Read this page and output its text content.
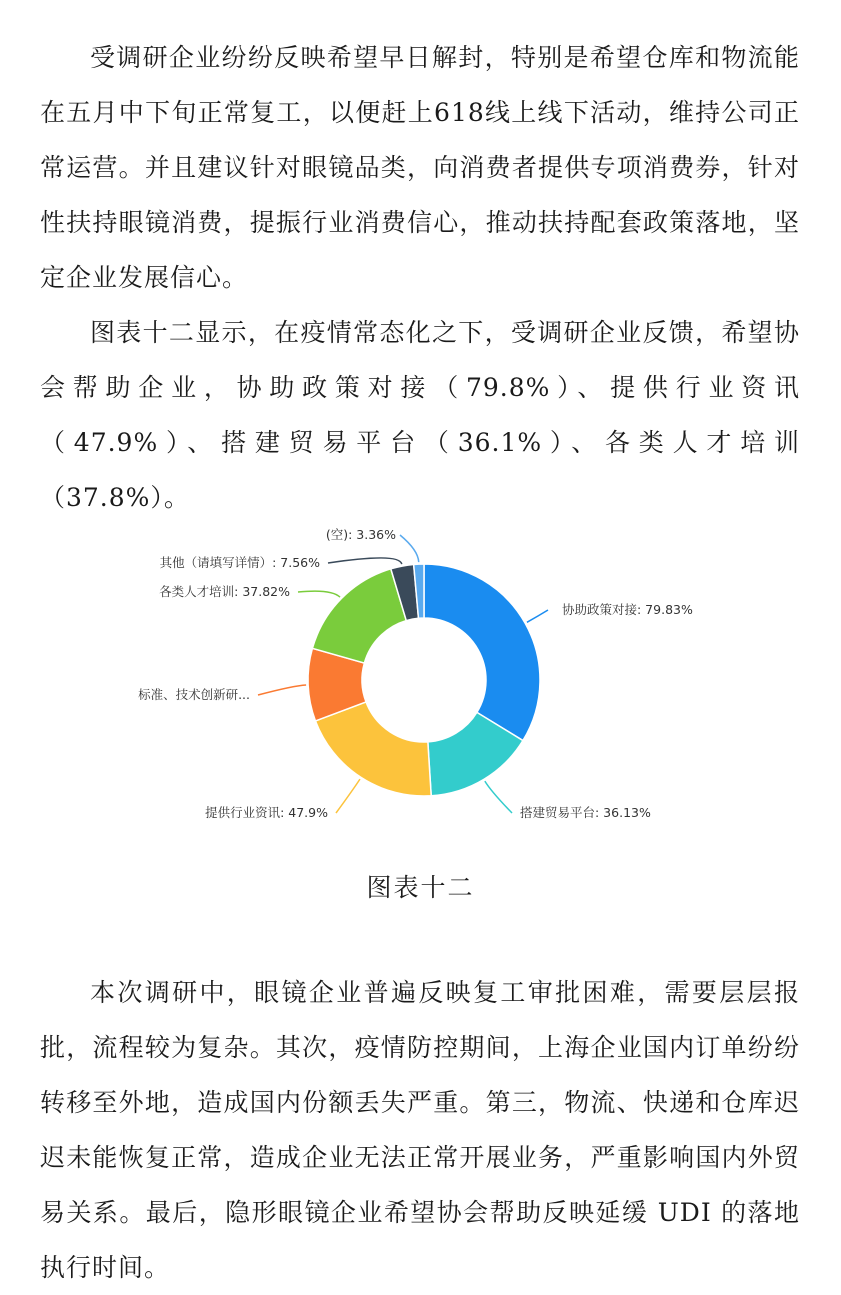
受调研企业纷纷反映希望早日解封，特别是希望仓库和物流能在五月中下旬正常复工，以便赶上618线上线下活动，维持公司正常运营。并且建议针对眼镜品类，向消费者提供专项消费券，针对性扶持眼镜消费，提振行业消费信心，推动扶持配套政策落地，坚定企业发展信心。

图表十二显示，在疫情常态化之下，受调研企业反馈，希望协会帮助企业，协助政策对接（79.8%）、提供行业资讯（47.9%）、搭建贸易平台（36.1%）、各类人才培训（37.8%）。

协助政策对接: 79.83%
搭建贸易平台: 36.13%
提供行业资讯: 47.9%
标准、技术创新研...
各类人才培训: 37.82%
其他（请填写详情）: 7.56%
(空): 3.36%
图表十二

本次调研中，眼镜企业普遍反映复工审批困难，需要层层报批，流程较为复杂。其次，疫情防控期间，上海企业国内订单纷纷转移至外地，造成国内份额丢失严重。第三，物流、快递和仓库迟迟未能恢复正常，造成企业无法正常开展业务，严重影响国内外贸易关系。最后，隐形眼镜企业希望协会帮助反映延缓 UDI 的落地执行时间。
